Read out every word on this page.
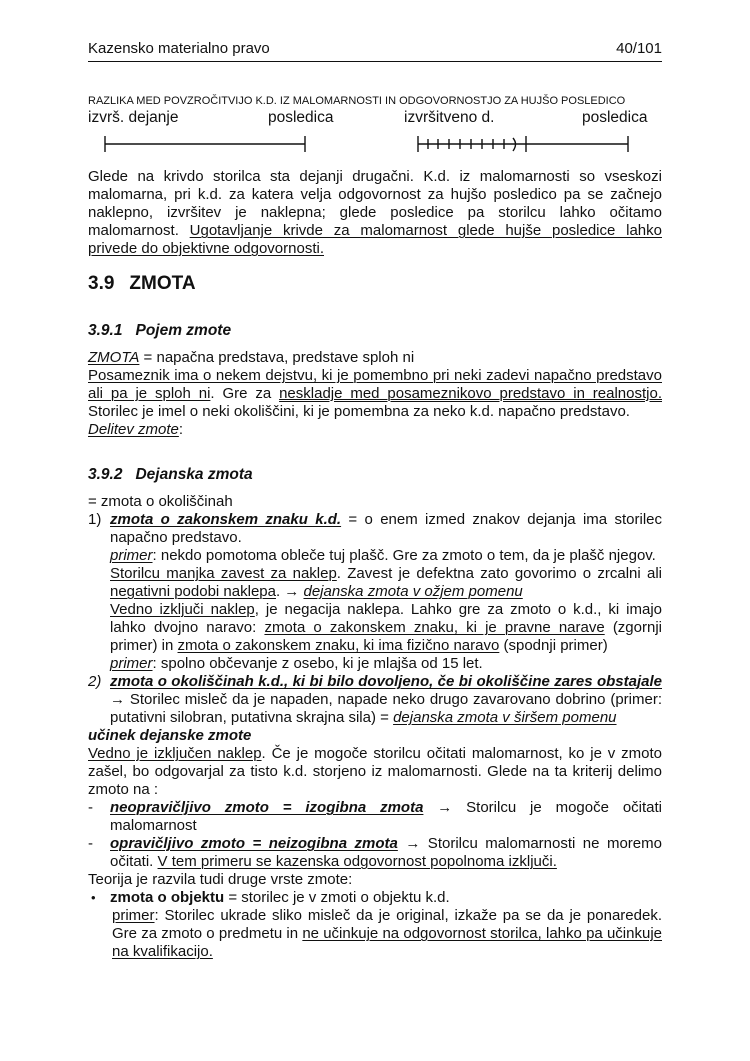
Kazensko materialno pravo	40/101
RAZLIKA MED POVZROČITVIJO K.D. IZ MALOMARNOSTI IN ODGOVORNOSTJO ZA HUJŠO POSLEDICO
izvrš. dejanje	posledica	izvršitveno d.	posledica
Glede na krivdo storilca sta dejanji drugačni. K.d. iz malomarnosti so vseskozi malomarna, pri k.d. za katera velja odgovornost za hujšo posledico pa se začnejo naklepno, izvršitev je naklepna; glede posledice pa storilcu lahko očitamo malomarnost. Ugotavljanje krivde za malomarnost glede hujše posledice lahko privede do objektivne odgovornosti.
3.9 ZMOTA
3.9.1 Pojem zmote
ZMOTA = napačna predstava, predstave sploh ni
Posameznik ima o nekem dejstvu, ki je pomembno pri neki zadevi napačno predstavo ali pa je sploh ni. Gre za neskladje med posameznikovo predstavo in realnostjo. Storilec je imel o neki okoliščini, ki je pomembna za neko k.d. napačno predstavo.
Delitev zmote:
3.9.2 Dejanska zmota
= zmota o okoliščinah
1) zmota o zakonskem znaku k.d. = o enem izmed znakov dejanja ima storilec napačno predstavo.
primer: nekdo pomotoma obleče tuj plašč. Gre za zmoto o tem, da je plašč njegov.
Storilcu manjka zavest za naklep. Zavest je defektna zato govorimo o zrcalni ali negativni podobi naklepa. → dejanska zmota v ožjem pomenu
Vedno izključi naklep, je negacija naklepa. Lahko gre za zmoto o k.d., ki imajo lahko dvojno naravo: zmota o zakonskem znaku, ki je pravne narave (zgornji primer) in zmota o zakonskem znaku, ki ima fizično naravo (spodnji primer)
primer: spolno občevanje z osebo, ki je mlajša od 15 let.
2) zmota o okoliščinah k.d., ki bi bilo dovoljeno, če bi okoliščine zares obstajale → Storilec misleč da je napaden, napade neko drugo zavarovano dobrino (primer: putativni silobran, putativna skrajna sila) = dejanska zmota v širšem pomenu
učinek dejanske zmote
Vedno je izključen naklep. Če je mogoče storilcu očitati malomarnost, ko je v zmoto zašel, bo odgovarjal za tisto k.d. storjeno iz malomarnosti. Glede na ta kriterij delimo zmoto na :
- neopravičljivo zmoto = izogibna zmota → Storilcu je mogoče očitati malomarnost
- opravičljivo zmoto = neizogibna zmota → Storilcu malomarnosti ne moremo očitati. V tem primeru se kazenska odgovornost popolnoma izključi.
Teorija je razvila tudi druge vrste zmote:
• zmota o objektu = storilec je v zmoti o objektu k.d.
primer: Storilec ukrade sliko misleč da je original, izkaže pa se da je ponaredek. Gre za zmoto o predmetu in ne učinkuje na odgovornost storilca, lahko pa učinkuje na kvalifikacijo.
